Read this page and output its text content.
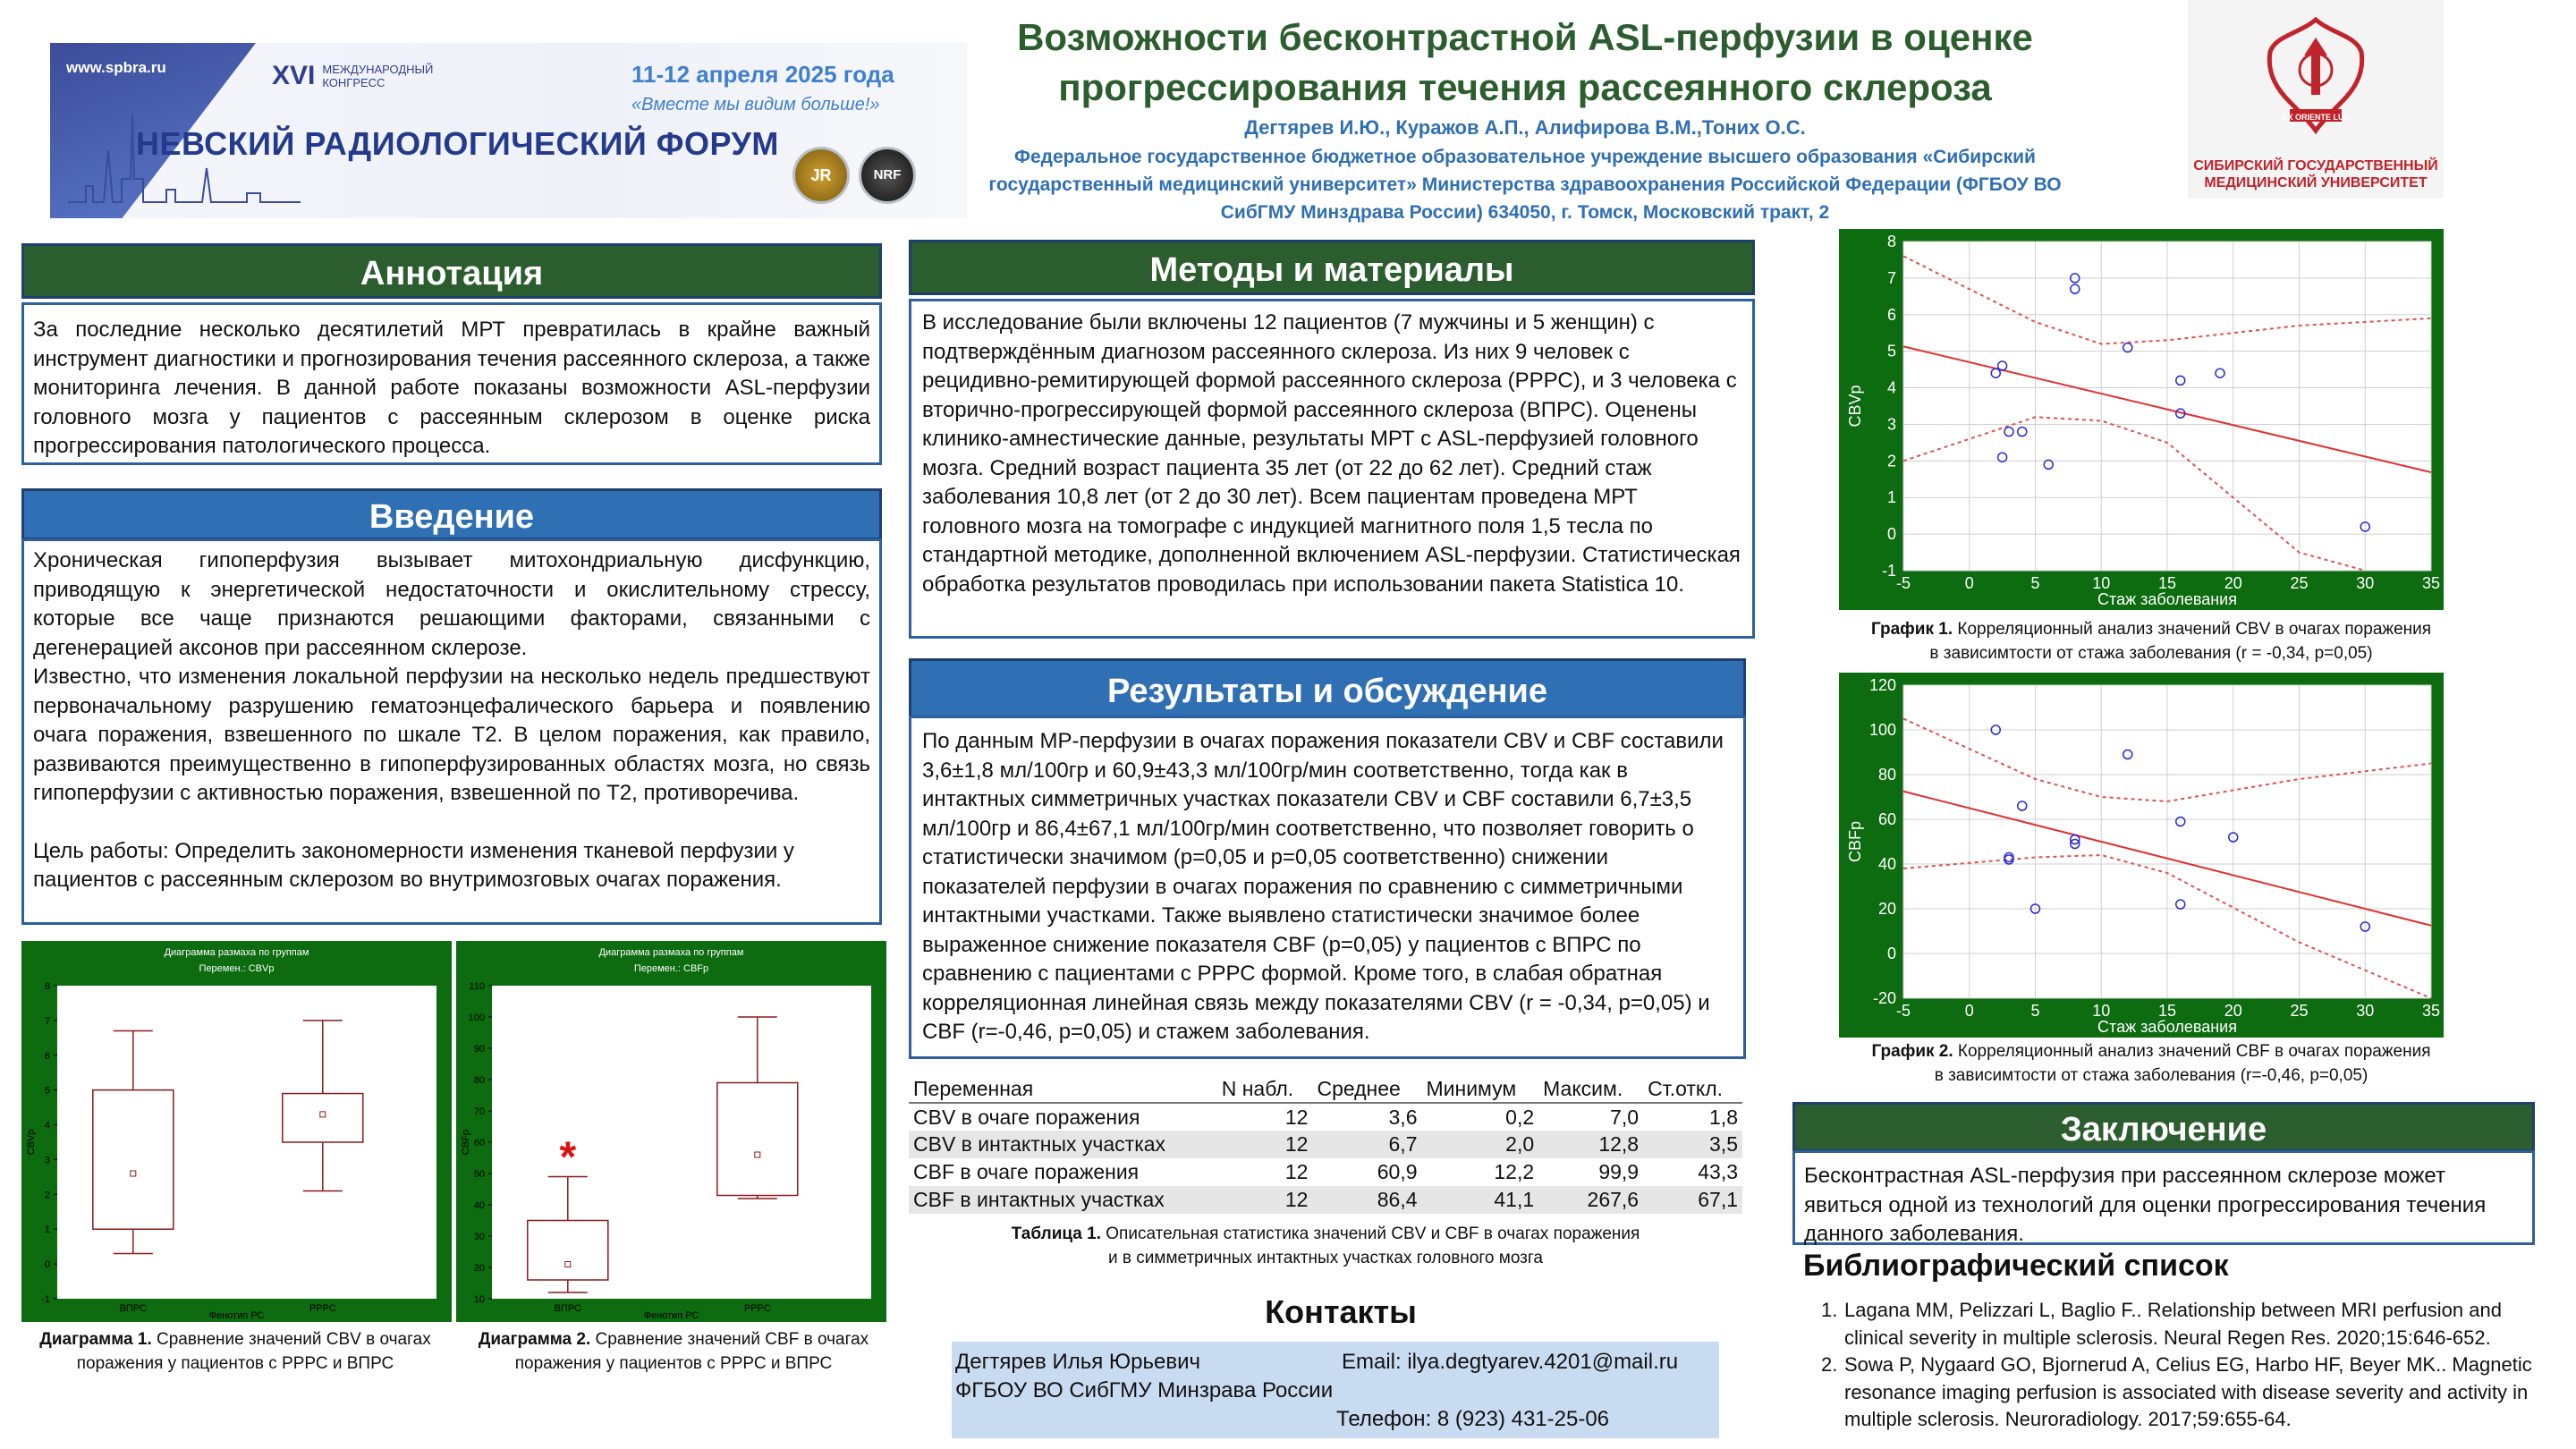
www.spbra.ru	XVI МЕЖДУНАРОДНЫЙ
КОНГРЕСС	11-12 апреля 2025 года
«Вместе мы видим больше!»
НЕВСКИЙ РАДИОЛОГИЧЕСКИЙ ФОРУМ
JR	NRF
Возможности бесконтрастной ASL-перфузии в оценке
прогрессирования течения рассеянного склероза
Дегтярев И.Ю., Куражов А.П., Алифирова В.М.,Тоних О.С.
Федеральное государственное бюджетное образовательное учреждение высшего образования «Сибирский
государственный медицинский университет» Министерства здравоохранения Российской Федерации (ФГБОУ ВО
СибГМУ Минздрава России) 634050, г. Томск, Московский тракт, 2
EX ORIENTE LUX
СИБИРСКИЙ ГОСУДАРСТВЕННЫЙ
МЕДИЦИНСКИЙ УНИВЕРСИТЕТ
Аннотация
За последние несколько десятилетий МРТ превратилась в крайне важный инструмент диагностики и прогнозирования течения рассеянного склероза, а также мониторинга лечения. В данной работе показаны возможности ASL-перфузии головного мозга у пациентов с рассеянным склерозом в оценке риска прогрессирования патологического процесса.
Введение
Хроническая гипоперфузия вызывает митохондриальную дисфункцию, приводящую к энергетической недостаточности и окислительному стрессу, которые все чаще признаются решающими факторами, связанными с дегенерацией аксонов при рассеянном склерозе.
Известно, что изменения локальной перфузии на несколько недель предшествуют первоначальному разрушению гематоэнцефалического барьера и появлению очага поражения, взвешенного по шкале Т2. В целом поражения, как правило, развиваются преимущественно в гипоперфузированных областях мозга, но связь гипоперфузии с активностью поражения, взвешенной по Т2, противоречива.
Цель работы: Определить закономерности изменения тканевой перфузии у пациентов с рассеянным склерозом во внутримозговых очагах поражения.
Диаграмма размаха по группам
Перемен.: CBVр
-1
0
1
2
3
4
5
6
7
8
CBVр
ВПРС	РРРС
Фенотип РС
Диаграмма размаха по группам
Перемен.: CBFр
10
20
30
40
50
60
70
80
90
100
110
CBFр
ВПРС	РРРС
Фенотип РС
*
Диаграмма 1. Сравнение значений CBV в очагах
поражения у пациентов с РРРС и ВПРС
Диаграмма 2. Сравнение значений CBF в очагах
поражения у пациентов с РРРС и ВПРС
Методы и материалы
В исследование были включены 12 пациентов (7 мужчины и 5 женщин) с подтверждённым диагнозом рассеянного склероза. Из них 9 человек с рецидивно-ремитирующей формой рассеянного склероза (РРРС), и 3 человека с вторично-прогрессирующей формой рассеянного склероза (ВПРС). Оценены клинико-амнестические данные, результаты МРТ с ASL-перфузией головного мозга. Средний возраст пациента 35 лет (от 22 до 62 лет). Средний стаж заболевания 10,8 лет (от 2 до 30 лет). Всем пациентам проведена МРТ головного мозга на томографе с индукцией магнитного поля 1,5 тесла по стандартной методике, дополненной включением ASL-перфузии. Статистическая обработка результатов проводилась при использовании пакета Statistica 10.
Результаты и обсуждение
По данным МР-перфузии в очагах поражения показатели CBV и CBF составили 3,6±1,8 мл/100гр и 60,9±43,3 мл/100гр/мин соответственно, тогда как в интактных симметричных участках показатели CBV и CBF составили 6,7±3,5 мл/100гр и 86,4±67,1 мл/100гр/мин соответственно, что позволяет говорить о статистически значимом (р=0,05 и р=0,05 соответственно) снижении показателей перфузии в очагах поражения по сравнению с симметричными интактными участками. Также выявлено статистически значимое более выраженное снижение показателя CBF (р=0,05) у пациентов с ВПРС по сравнению с пациентами с РРРС формой. Кроме того, в слабая обратная корреляционная линейная связь между показателями CBV (r = -0,34, р=0,05) и CBF (r=-0,46, р=0,05) и стажем заболевания.
Переменная	N набл.	Среднее	Минимум	Максим.	Ст.откл.
CBV в очаге поражения	12	3,6	0,2	7,0	1,8
CBV в интактных участках	12	6,7	2,0	12,8	3,5
CBF в очаге поражения	12	60,9	12,2	99,9	43,3
CBF в интактных участках	12	86,4	41,1	267,6	67,1
Таблица 1. Описательная статистика значений CBV и CBF в очагах поражения
и в симметричных интактных участках головного мозга
Контакты
Дегтярев Илья Юрьевич	Email: ilya.degtyarev.4201@mail.ru
ФГБОУ ВО СибГМУ Минзрава России
Телефон: 8 (923) 431-25-06
-5	0	5	10	15	20	25	30	35
-1
0
1
2
3
4
5
6
7
8
Стаж заболевания
CBVр
График 1. Корреляционный анализ значений CBV в очагах поражения
в зависимтости от стажа заболевания (r = -0,34, р=0,05)
-5	0	5	10	15	20	25	30	35
-20
0
20
40
60
80
100
120
Стаж заболевания
CBFр
График 2. Корреляционный анализ значений CBF в очагах поражения
в зависимтости от стажа заболевания (r=-0,46, р=0,05)
Заключение
Бесконтрастная ASL-перфузия при рассеянном склерозе может явиться одной из технологий для оценки прогрессирования течения данного заболевания.
Библиографический список
1. Lagana MM, Pelizzari L, Baglio F.. Relationship between MRI perfusion and
clinical severity in multiple sclerosis. Neural Regen Res. 2020;15:646-652.
2. Sowa P, Nygaard GO, Bjornerud A, Celius EG, Harbo HF, Beyer MK.. Magnetic
resonance imaging perfusion is associated with disease severity and activity in
multiple sclerosis. Neuroradiology. 2017;59:655-64.
